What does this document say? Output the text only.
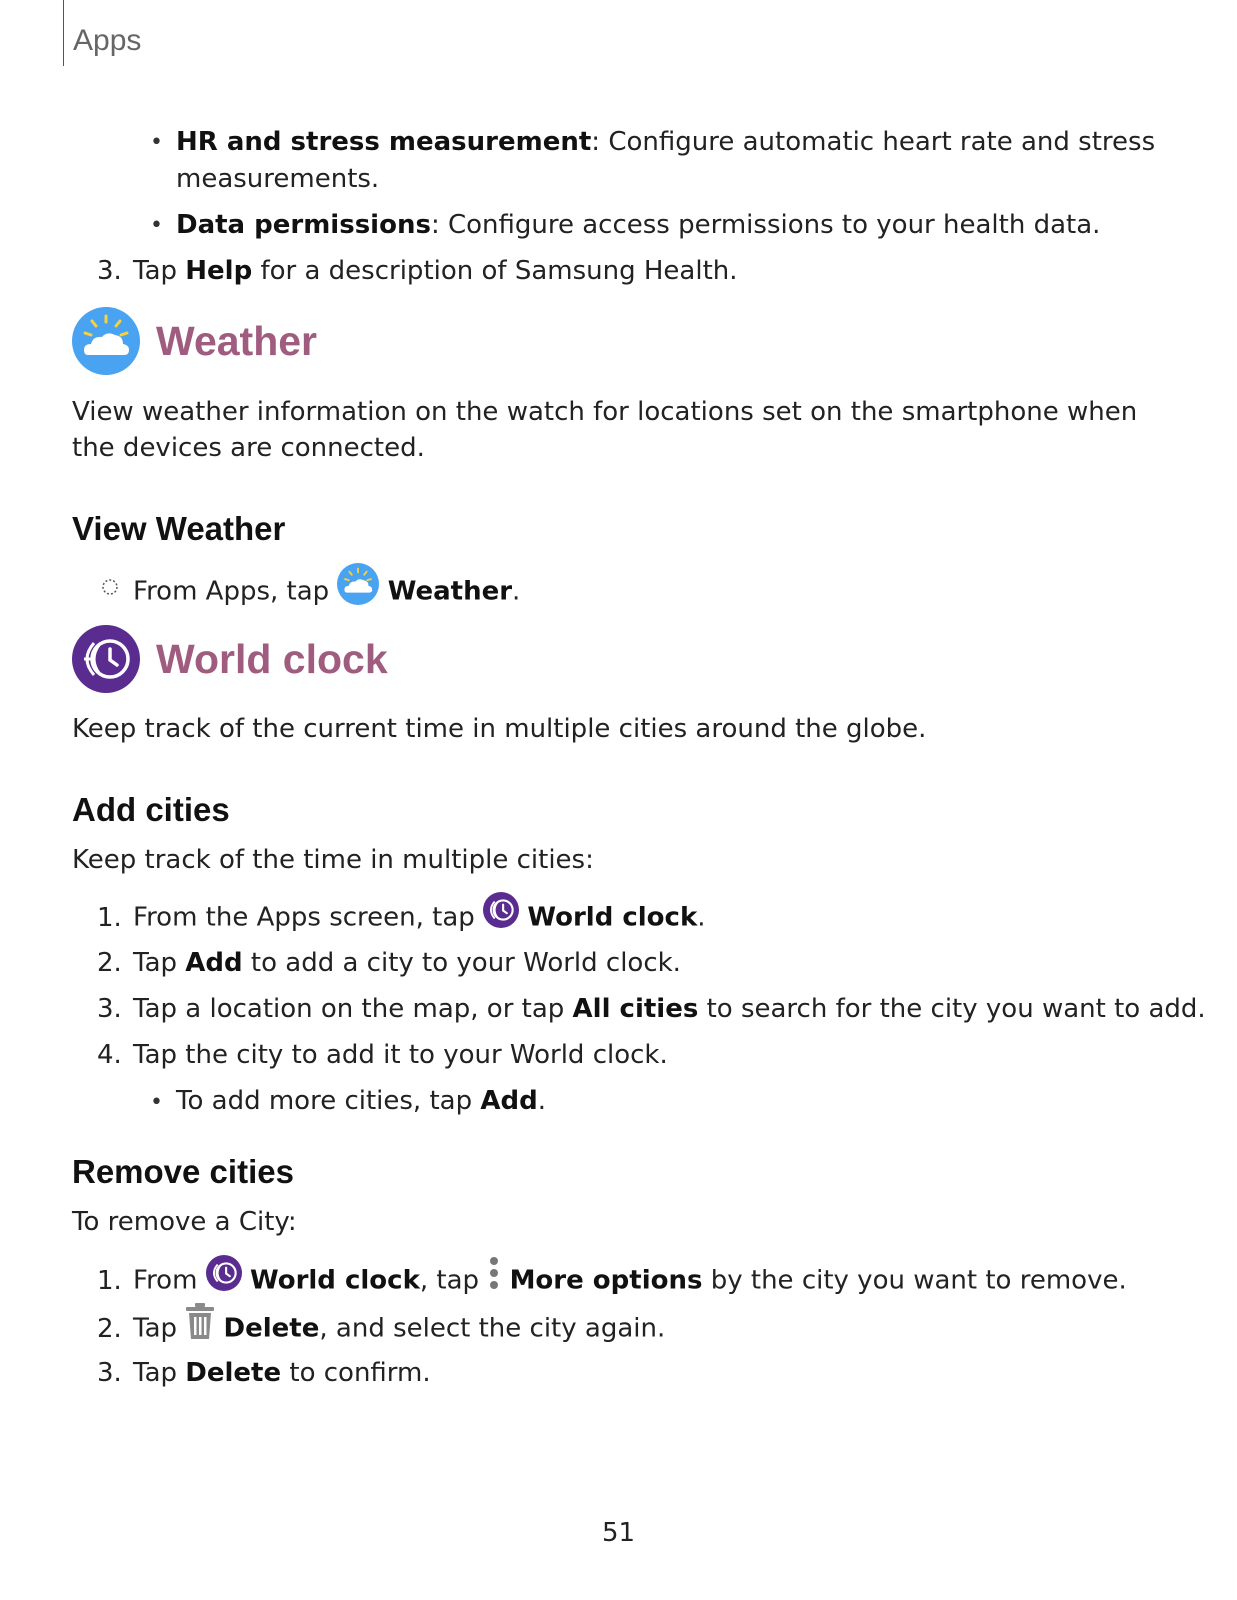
Apps
• HR and stress measurement: Configure automatic heart rate and stress
measurements.
• Data permissions: Configure access permissions to your health data.
3. Tap Help for a description of Samsung Health.
Weather
View weather information on the watch for locations set on the smartphone when
the devices are connected.
View Weather
From Apps, tap  Weather.
World clock
Keep track of the current time in multiple cities around the globe.
Add cities
Keep track of the time in multiple cities:
1. From the Apps screen, tap  World clock.
2. Tap Add to add a city to your World clock.
3. Tap a location on the map, or tap All cities to search for the city you want to add.
4. Tap the city to add it to your World clock.
• To add more cities, tap Add.
Remove cities
To remove a City:
1. From  World clock, tap  More options by the city you want to remove.
2. Tap  Delete, and select the city again.
3. Tap Delete to confirm.
51
